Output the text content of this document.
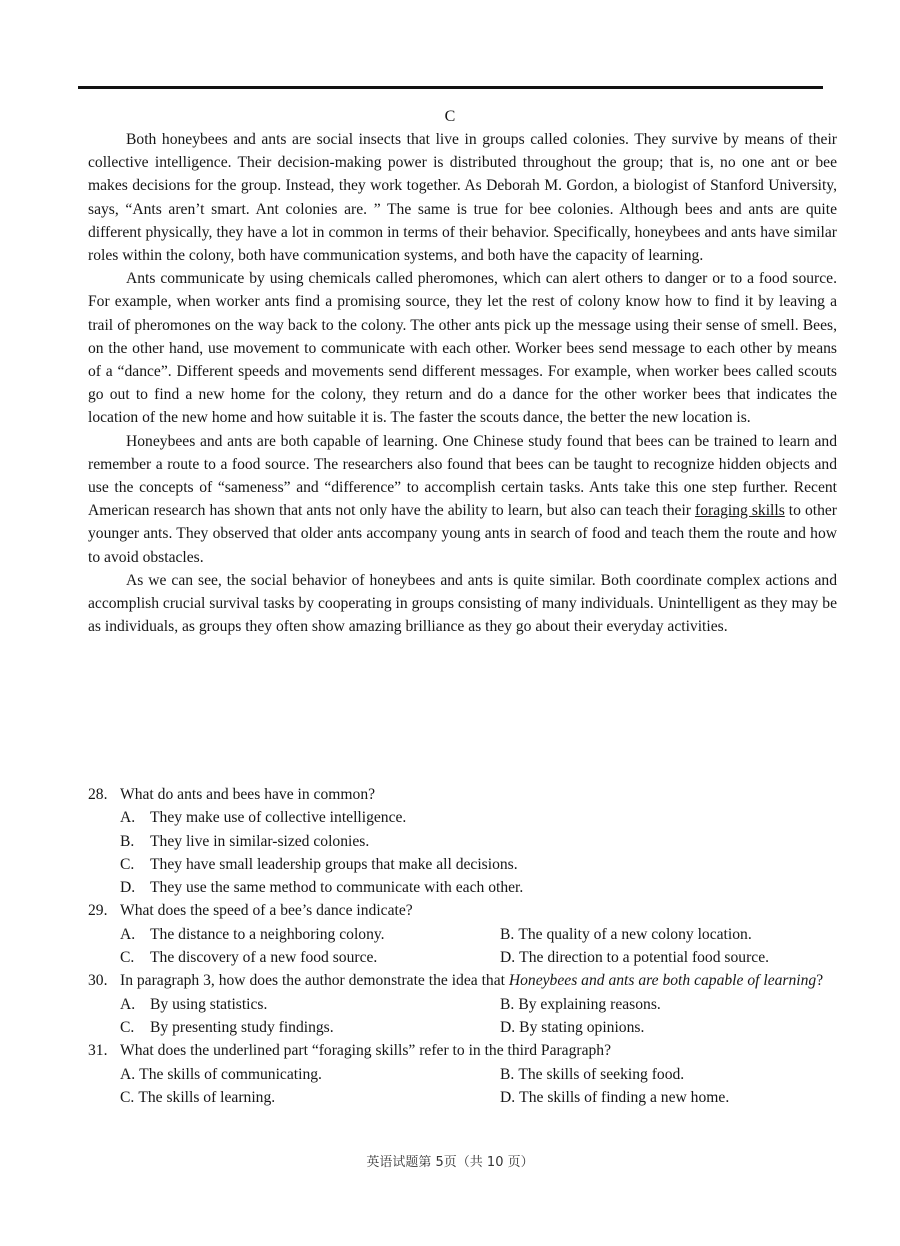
C

Both honeybees and ants are social insects that live in groups called colonies. They survive by means of their collective intelligence. Their decision-making power is distributed throughout the group; that is, no one ant or bee makes decisions for the group. Instead, they work together. As Deborah M. Gordon, a biologist of Stanford University, says, “Ants aren’t smart. Ant colonies are. ” The same is true for bee colonies. Although bees and ants are quite different physically, they have a lot in common in terms of their behavior. Specifically, honeybees and ants have similar roles within the colony, both have communication systems, and both have the capacity of learning.

Ants communicate by using chemicals called pheromones, which can alert others to danger or to a food source. For example, when worker ants find a promising source, they let the rest of colony know how to find it by leaving a trail of pheromones on the way back to the colony. The other ants pick up the message using their sense of smell. Bees, on the other hand, use movement to communicate with each other. Worker bees send message to each other by means of a “dance”. Different speeds and movements send different messages. For example, when worker bees called scouts go out to find a new home for the colony, they return and do a dance for the other worker bees that indicates the location of the new home and how suitable it is. The faster the scouts dance, the better the new location is.

Honeybees and ants are both capable of learning. One Chinese study found that bees can be trained to learn and remember a route to a food source. The researchers also found that bees can be taught to recognize hidden objects and use the concepts of “sameness” and “difference” to accomplish certain tasks. Ants take this one step further. Recent American research has shown that ants not only have the ability to learn, but also can teach their foraging skills to other younger ants. They observed that older ants accompany young ants in search of food and teach them the route and how to avoid obstacles.

As we can see, the social behavior of honeybees and ants is quite similar. Both coordinate complex actions and accomplish crucial survival tasks by cooperating in groups consisting of many individuals. Unintelligent as they may be as individuals, as groups they often show amazing brilliance as they go about their everyday activities.

28. What do ants and bees have in common?
A. They make use of collective intelligence.
B. They live in similar-sized colonies.
C. They have small leadership groups that make all decisions.
D. They use the same method to communicate with each other.
29. What does the speed of a bee’s dance indicate?
A. The distance to a neighboring colony.	B. The quality of a new colony location.
C. The discovery of a new food source.	D. The direction to a potential food source.
30. In paragraph 3, how does the author demonstrate the idea that Honeybees and ants are both capable of learning?
A. By using statistics.	B. By explaining reasons.
C. By presenting study findings.	D. By stating opinions.
31. What does the underlined part “foraging skills” refer to in the third Paragraph?
A. The skills of communicating.	B. The skills of seeking food.
C. The skills of learning.	D. The skills of finding a new home.
英语试题第 5页（共 10 页）
